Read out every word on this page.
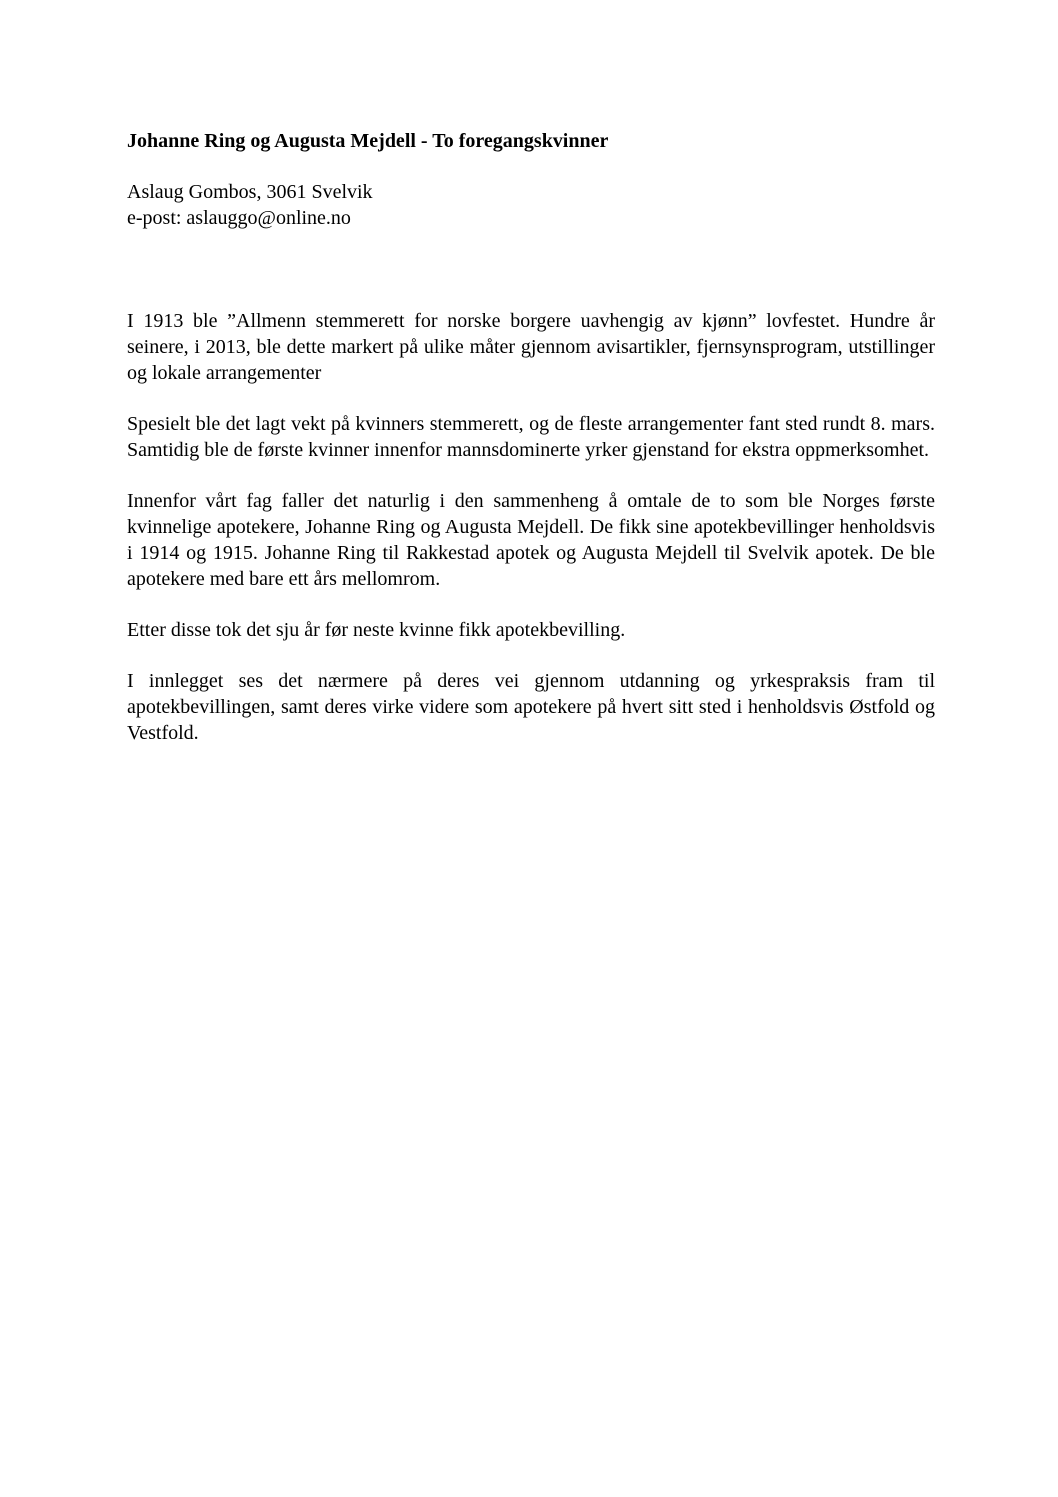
Johanne Ring og Augusta Mejdell - To foregangskvinner
Aslaug Gombos, 3061 Svelvik
e-post: aslauggo@online.no

I 1913 ble ”Allmenn stemmerett for norske borgere uavhengig av kjønn” lovfestet. Hundre år seinere, i 2013, ble dette markert på ulike måter gjennom avisartikler, fjernsynsprogram, utstillinger og lokale arrangementer

Spesielt ble det lagt vekt på kvinners stemmerett, og de fleste arrangementer fant sted rundt 8. mars. Samtidig ble de første kvinner innenfor mannsdominerte yrker gjenstand for ekstra oppmerksomhet.

Innenfor vårt fag faller det naturlig i den sammenheng å omtale de to som ble Norges første kvinnelige apotekere, Johanne Ring og Augusta Mejdell. De fikk sine apotekbevillinger henholdsvis i 1914 og 1915. Johanne Ring til Rakkestad apotek og Augusta Mejdell til Svelvik apotek. De ble apotekere med bare ett års mellomrom.

Etter disse tok det sju år før neste kvinne fikk apotekbevilling.

I innlegget ses det nærmere på deres vei gjennom utdanning og yrkespraksis fram til apotekbevillingen, samt deres virke videre som apotekere på hvert sitt sted i henholdsvis Østfold og Vestfold.
